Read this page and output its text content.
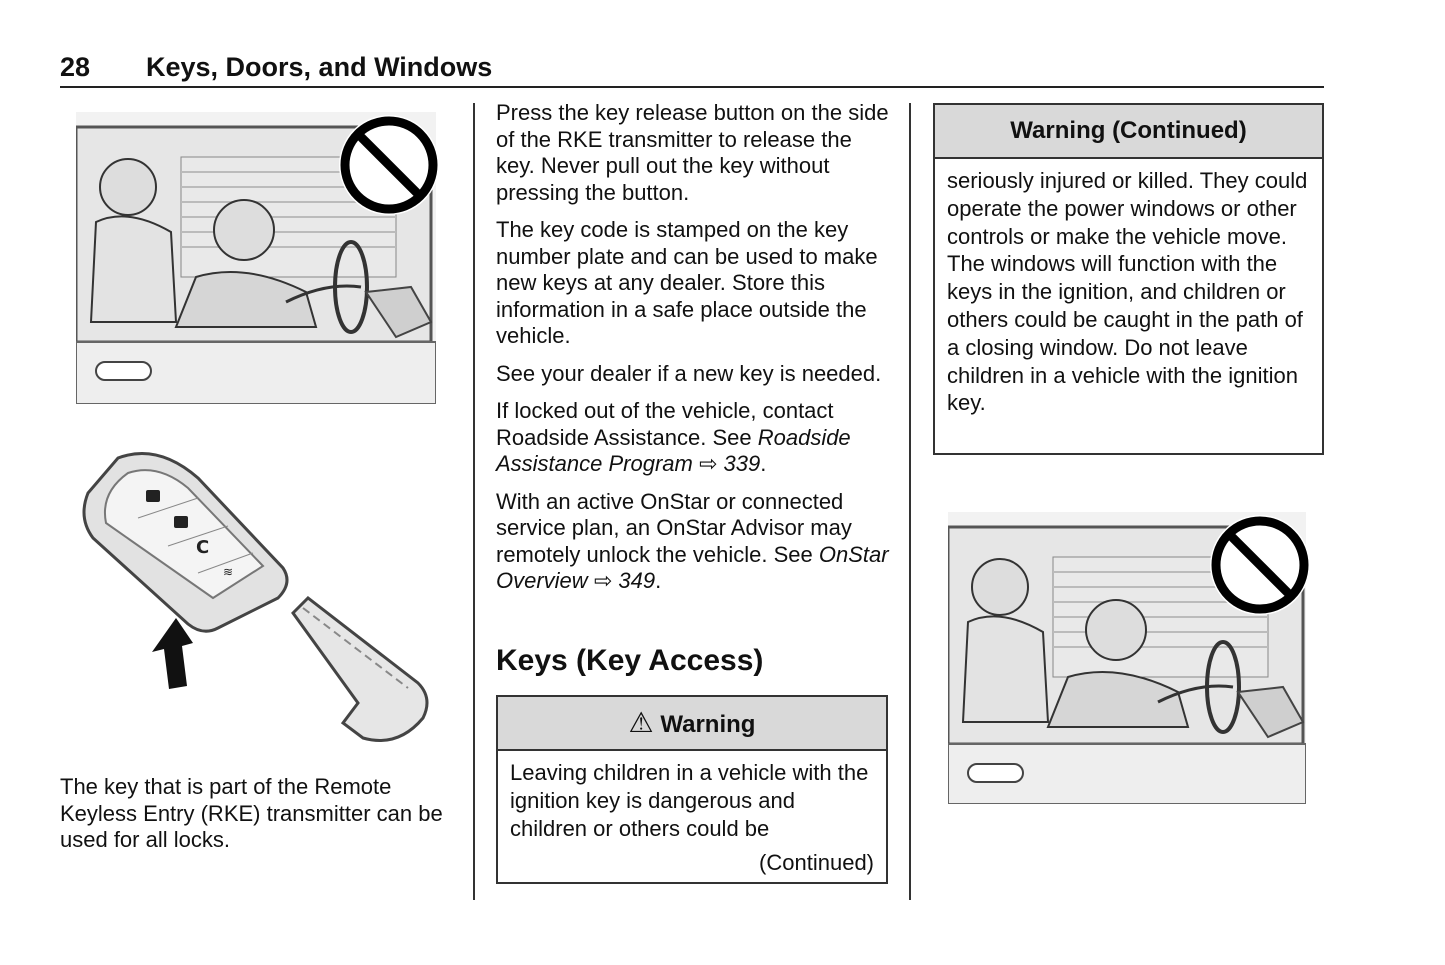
28 Keys, Doors, and Windows
C
≋

The key that is part of the Remote Keyless Entry (RKE) transmitter can be used for all locks.

Press the key release button on the side of the RKE transmitter to release the key. Never pull out the key without pressing the button.

The key code is stamped on the key number plate and can be used to make new keys at any dealer. Store this information in a safe place outside the vehicle.

See your dealer if a new key is needed.

If locked out of the vehicle, contact Roadside Assistance. See Roadside Assistance Program ⇨ 339.

With an active OnStar or connected service plan, an OnStar Advisor may remotely unlock the vehicle. See OnStar Overview ⇨ 349.

Keys (Key Access)
⚠ Warning
Leaving children in a vehicle with the ignition key is dangerous and children or others could be
(Continued)
Warning (Continued)
seriously injured or killed. They could operate the power windows or other controls or make the vehicle move. The windows will function with the keys in the ignition, and children or others could be caught in the path of a closing window. Do not leave children in a vehicle with the ignition key.
